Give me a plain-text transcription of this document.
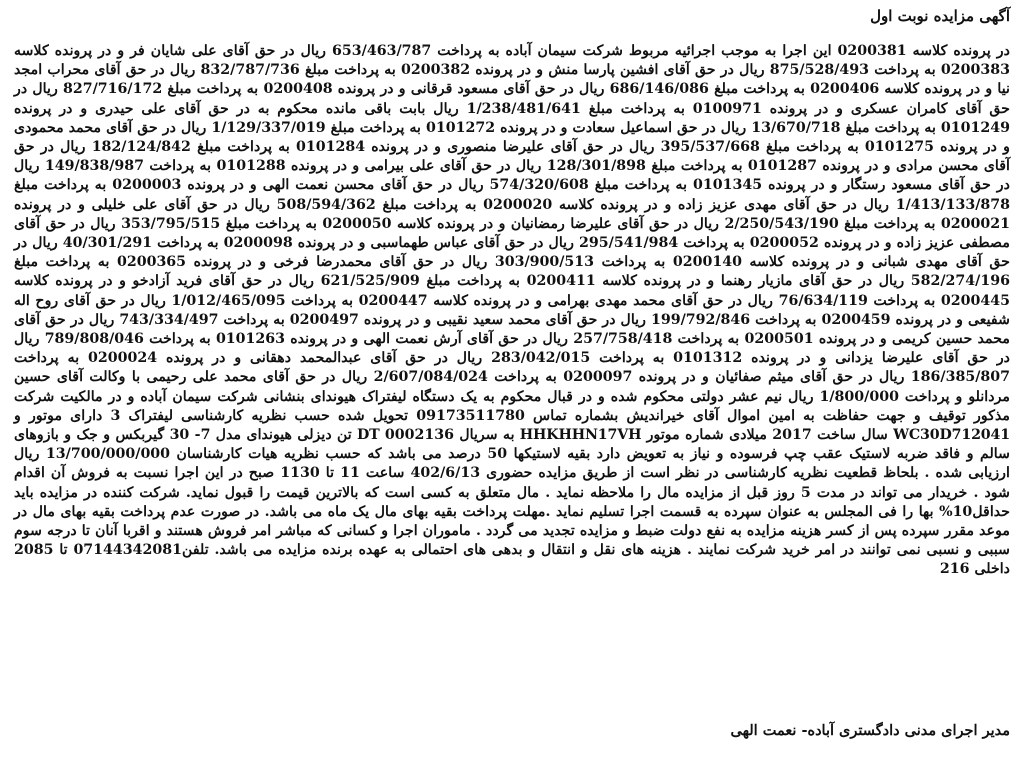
آگهی مزایده نوبت اول

در پرونده کلاسه 0200381 این اجرا به موجب اجرائیه مربوط شرکت سیمان آباده به پرداخت 653/463/787 ریال در حق آقای علی شایان فر و در پرونده کلاسه 0200383 به پرداخت 875/528/493 ریال در حق آقای افشین پارسا منش و در پرونده 0200382 به پرداخت مبلغ 832/787/736 ریال در حق آقای محراب امجد نیا و در پرونده کلاسه 0200406 به پرداخت مبلغ 686/146/086 ریال در حق آقای مسعود قرقانی و در پرونده 0200408 به پرداخت مبلغ 827/716/172 ریال در حق آقای کامران عسکری و در پرونده 0100971 به پرداخت مبلغ 1/238/481/641 ریال بابت باقی مانده محکوم به در حق آقای علی حیدری و در پرونده 0101249 به پرداخت مبلغ 13/670/718 ریال در حق اسماعیل سعادت و در پرونده 0101272 به پرداخت مبلغ 1/129/337/019 ریال در حق آقای محمد محمودی و در پرونده 0101275 به پرداخت مبلغ 395/537/668 ریال در حق آقای علیرضا منصوری و در پرونده 0101284 به پرداخت مبلغ 182/124/842 ریال در حق آقای محسن مرادی و در پرونده 0101287 به پرداخت مبلغ 128/301/898 ریال در حق آقای علی بیرامی و در پرونده 0101288 به پرداخت 149/838/987 ریال در حق آقای مسعود رستگار و در پرونده 0101345 به پرداخت مبلغ 574/320/608 ریال در حق آقای محسن نعمت الهی و در پرونده 0200003 به پرداخت مبلغ 1/413/133/878 ریال در حق آقای مهدی عزیز زاده و در پرونده کلاسه 0200020 به پرداخت مبلغ 508/594/362 ریال در حق آقای علی خلیلی و در پرونده 0200021 به پرداخت مبلغ 2/250/543/190 ریال در حق آقای علیرضا رمضانیان و در پرونده کلاسه 0200050 به پرداخت مبلغ 353/795/515 ریال در حق آقای مصطفی عزیز زاده و در پرونده 0200052 به پرداخت 295/541/984 ریال در حق آقای عباس طهماسبی و در پرونده 0200098 به پرداخت 40/301/291 ریال در حق آقای مهدی شبانی و در پرونده کلاسه 0200140 به پرداخت 303/900/513 ریال در حق آقای محمدرضا فرخی و در پرونده 0200365 به پرداخت مبلغ 582/274/196 ریال در حق آقای مازیار رهنما و در پرونده کلاسه 0200411 به پرداخت مبلغ 621/525/909 ریال در حق آقای فرید آزادخو و در پرونده کلاسه 0200445 به پرداخت 76/634/119 ریال در حق آقای محمد مهدی بهرامی و در پرونده کلاسه 0200447 به پرداخت 1/012/465/095 ریال در حق آقای روح اله شفیعی و در پرونده 0200459 به پرداخت 199/792/846 ریال در حق آقای محمد سعید نقیبی و در پرونده 0200497 به پرداخت 743/334/497 ریال در حق آقای محمد حسین کریمی و در پرونده 0200501 به پرداخت 257/758/418 ریال در حق آقای آرش نعمت الهی و در پرونده 0101263 به پرداخت 789/808/046 ریال در حق آقای علیرضا یزدانی و در پرونده 0101312 به پرداخت 283/042/015 ریال در حق آقای عبدالمحمد دهقانی و در پرونده 0200024 به پرداخت 186/385/807 ریال در حق آقای میثم صفائیان و در پرونده 0200097 به پرداخت 2/607/084/024 ریال در حق آقای محمد علی رحیمی با وکالت آقای حسین مردانلو و پرداخت 1/800/000 ریال نیم عشر دولتی محکوم شده و در قبال محکوم به یک دستگاه لیفتراک هیوندای بنشانی شرکت سیمان آباده و در مالکیت شرکت مذکور توقیف و جهت حفاظت به امین اموال آقای خیراندیش بشماره تماس 09173511780 تحویل شده حسب نظریه کارشناسی لیفتراک 3 دارای موتور و WC30D712041 سال ساخت 2017 میلادی شماره موتور HHKHHN17VH به سریال 0002136 DT تن دیزلی هیوندای مدل 7- 30 گیربکس و جک و بازوهای سالم و فاقد ضربه لاستیک عقب چپ فرسوده و نیاز به تعویض دارد بقیه لاستیکها 50 درصد می باشد که حسب نظریه هیات کارشناسان 13/700/000/000 ریال ارزیابی شده . بلحاظ قطعیت نظریه کارشناسی در نظر است از طریق مزایده حضوری 402/6/13 ساعت 11 تا 1130 صبح در این اجرا نسبت به فروش آن اقدام شود . خریدار می تواند در مدت 5 روز قبل از مزایده مال را ملاحظه نماید . مال متعلق به کسی است که بالاترین قیمت را قبول نماید. شرکت کننده در مزایده باید حداقل10% بها را فی المجلس به عنوان سپرده به قسمت اجرا تسلیم نماید .مهلت پرداخت بقیه بهای مال یک ماه می باشد. در صورت عدم پرداخت بقیه بهای مال در موعد مقرر سپرده پس از کسر هزینه مزایده به نفع دولت ضبط و مزایده تجدید می گردد . ماموران اجرا و کسانی که مباشر امر فروش هستند و اقربا آنان تا درجه سوم سببی و نسبی نمی توانند در امر خرید شرکت نمایند . هزینه های نقل و انتقال و بدهی های احتمالی به عهده برنده مزایده می باشد. تلفن07144342081 تا 2085 داخلی 216

مدیر اجرای مدنی دادگستری آباده- نعمت الهی
